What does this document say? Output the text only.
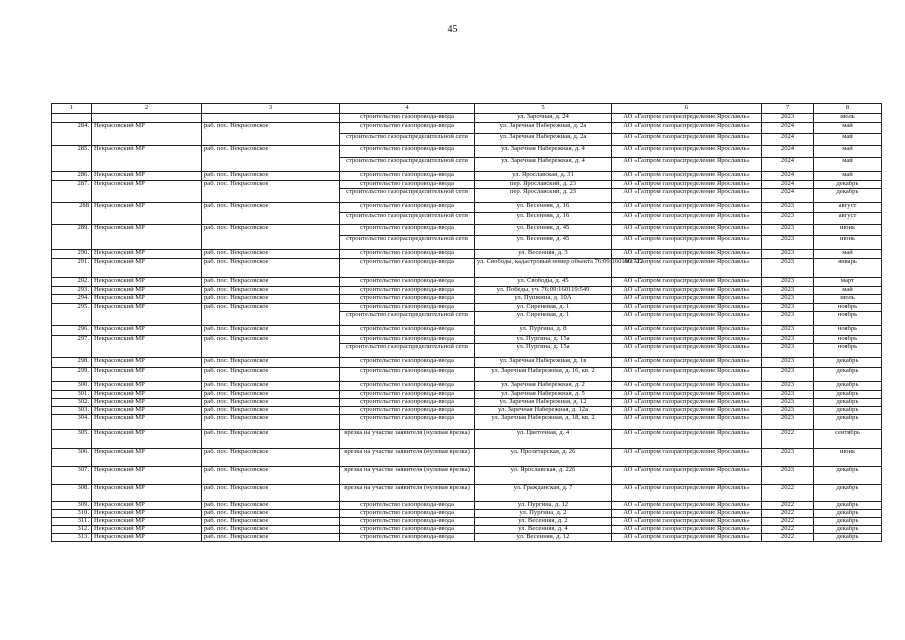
45
1	2	3	4	5	6	7	8
			строительство газопровода-ввода	ул. Зарочная, д. 24	АО «Газпром газораспределение Ярославль»	2023	июль
284.	Некрасовский МР	раб. пос. Некрасовское	строительство газопровода-ввода	ул. Заречная Набережная, д. 2а	АО «Газпром газораспределение Ярославль»	2024	май
			строительство газораспределительной сети	ул. Заречная Набережная, д. 2а	АО «Газпром газораспределение Ярославль»	2024	май
285.	Некрасовский МР	раб. пос. Некрасовское	строительство газопровода-ввода	ул. Заречная Набережная, д. 4	АО «Газпром газораспределение Ярославль»	2024	май
			строительство газораспределительной сети	ул. Заречная Набережная, д. 4	АО «Газпром газораспределение Ярославль»	2024	май
286.	Некрасовский МР	раб. пос. Некрасовское	строительство газопровода-ввода	ул. Ярославская, д. 31	АО «Газпром газораспределение Ярославль»	2024	май
287.	Некрасовский МР	раб. пос. Некрасовское	строительство газопровода-ввода	пер. Ярославский, д. 23	АО «Газпром газораспределение Ярославль»	2024	декабрь
			строительство газораспределительной сети	пер. Ярославский, д. 23	АО «Газпром газораспределение Ярославль»	2024	декабрь
288	Некрасовский МР	раб. пос. Некрасовское	строительство газопровода-ввода	ул. Весенняя, д. 16	АО «Газпром газораспределение Ярославль»	2023	август
			строительство газораспределительной сети	ул. Весенняя, д. 16	АО «Газпром газораспределение Ярославль»	2023	август
289.	Некрасовский МР	раб. пос. Некрасовское	строительство газопровода-ввода	ул. Весенняя, д. 45	АО «Газпром газораспределение Ярославль»	2023	июнь
			строительство газораспределительной сети	ул. Весенняя, д. 45	АО «Газпром газораспределение Ярославль»	2023	июнь
290.	Некрасовский МР	раб. пос. Некрасовское	строительство газопровода-ввода	ул. Весенняя, д. 3	АО «Газпром газораспределение Ярославль»	2023	май
291.	Некрасовский МР	раб. пос. Некрасовское	строительство газопровода-ввода	ул. Свободы, кадастровый номер объекта 76:09:160106:722	АО «Газпром газораспределение Ярославль»	2023	январь
292.	Некрасовский МР	раб. пос. Некрасовское	строительство газопровода-ввода	ул. Свободы, д. 45	АО «Газпром газораспределение Ярославль»	2023	март
293.	Некрасовский МР	раб. пос. Некрасовское	строительство газопровода-ввода	ул. Победы, уч. 76:09:160119:549	АО «Газпром газораспределение Ярославль»	2023	май
294.	Некрасовский МР	раб. пос. Некрасовское	строительство газопровода-ввода	ул. Пушкина, д. 10А	АО «Газпром газораспределение Ярославль»	2023	июль
295.	Некрасовский МР	раб. пос. Некрасовское	строительство газопровода-ввода	ул. Сиреневая, д. 1	АО «Газпром газораспределение Ярославль»	2023	ноябрь
			строительство газораспределительной сети	ул. Сиреневая, д. 1	АО «Газпром газораспределение Ярославль»	2023	ноябрь
296.	Некрасовский МР	раб. пос. Некрасовское	строительство газопровода-ввода	ул. Пургина, д. 8	АО «Газпром газораспределение Ярославль»	2023	ноябрь
297.	Некрасовский МР	раб. пос. Некрасовское	строительство газопровода-ввода	ул. Пургина, д. 15а	АО «Газпром газораспределение Ярославль»	2023	ноябрь
			строительство газораспределительной сети	ул. Пургина, д. 15а	АО «Газпром газораспределение Ярославль»	2023	ноябрь
298.	Некрасовский МР	раб. пос. Некрасовское	строительство газопровода-ввода	ул. Заречная Набережная, д. 1в	АО «Газпром газораспределение Ярославль»	2023	декабрь
299.	Некрасовский МР	раб. пос. Некрасовское	строительство газопровода-ввода	ул. Заречная Набережная, д. 16, кв. 2	АО «Газпром газораспределение Ярославль»	2023	декабрь
300.	Некрасовский МР	раб. пос. Некрасовское	строительство газопровода-ввода	ул. Заречная Набережная, д. 2	АО «Газпром газораспределение Ярославль»	2023	декабрь
301.	Некрасовский МР	раб. пос. Некрасовское	строительство газопровода-ввода	ул. Заречная Набережная, д. 5	АО «Газпром газораспределение Ярославль»	2023	декабрь
302.	Некрасовский МР	раб. пос. Некрасовское	строительство газопровода-ввода	ул. Заречная Набережная, д. 12	АО «Газпром газораспределение Ярославль»	2023	декабрь
303.	Некрасовский МР	раб. пос. Некрасовское	строительство газопровода-ввода	ул. Заречная Набережная, д. 12а	АО «Газпром газораспределение Ярославль»	2023	декабрь
304.	Некрасовский МР	раб. пос. Некрасовское	строительство газопровода-ввода	ул. Заречная Набережная, д. 18, кв. 2	АО «Газпром газораспределение Ярославль»	2023	декабрь
305.	Некрасовский МР	раб. пос. Некрасовское	врезка на участке заявителя (нулевая врезка)	ул. Цветочная, д. 4	АО «Газпром газораспределение Ярославль»	2022	сентябрь
306.	Некрасовский МР	раб. пос. Некрасовское	врезка на участке заявителя (нулевая врезка)	ул. Пролетарская, д. 26	АО «Газпром газораспределение Ярославль»	2023	июнь
307.	Некрасовский МР	раб. пос. Некрасовское	врезка на участке заявителя (нулевая врезка)	ул. Ярославская, д. 226	АО «Газпром газораспределение Ярославль»	2023	декабрь
308.	Некрасовский МР	раб. пос. Некрасовское	врезка на участке заявителя (нулевая врезка)	ул. Гражданская, д. 7	АО «Газпром газораспределение Ярославль»	2022	декабрь
309.	Некрасовский МР	раб. пос. Некрасовское	строительство газопровода-ввода	ул. Пургина, д. 12	АО «Газпром газораспределение Ярославль»	2022	декабрь
310.	Некрасовский МР	раб. пос. Некрасовское	строительство газопровода-ввода	ул. Пургина, д. 2	АО «Газпром газораспределение Ярославль»	2022	декабрь
311.	Некрасовский МР	раб. пос. Некрасовское	строительство газопровода-ввода	ул. Весенняя, д. 2	АО «Газпром газораспределение Ярославль»	2022	декабрь
312.	Некрасовский МР	раб. пос. Некрасовское	строительство газопровода-ввода	ул. Весенняя, д. 4	АО «Газпром газораспределение Ярославль»	2022	декабрь
313.	Некрасовский МР	раб. пос. Некрасовское	строительство газопровода-ввода	ул. Весенняя, д. 12	АО «Газпром газораспределение Ярославль»	2022	декабрь
